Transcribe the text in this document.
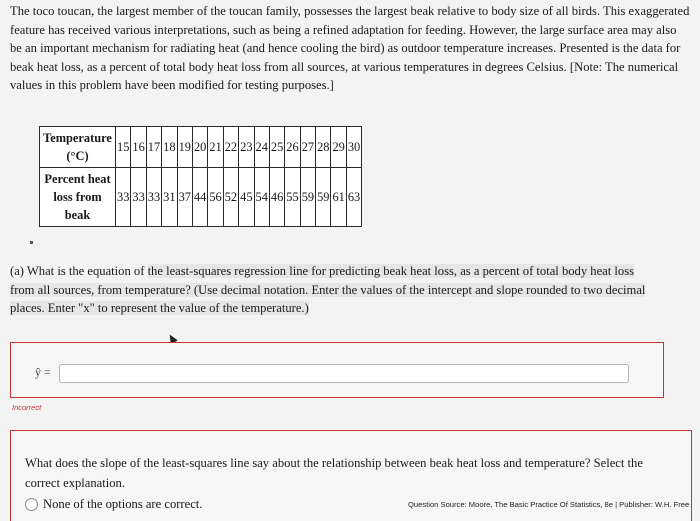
The toco toucan, the largest member of the toucan family, possesses the largest beak relative to body size of all birds. This exaggerated feature has received various interpretations, such as being a refined adaptation for feeding. However, the large surface area may also be an important mechanism for radiating heat (and hence cooling the bird) as outdoor temperature increases. Presented is the data for beak heat loss, as a percent of total body heat loss from all sources, at various temperatures in degrees Celsius. [Note: The numerical values in this problem have been modified for testing purposes.]

Temperature
(°C)	15	16	17	18	19	20	21	22	23	24	25	26	27	28	29	30
Percent heat
loss from
beak	33	33	33	31	37	44	56	52	45	54	46	55	59	59	61	63

(a) What is the equation of the least-squares regression line for predicting beak heat loss, as a percent of total body heat loss from all sources, from temperature? (Use decimal notation. Enter the values of the intercept and slope rounded to two decimal places. Enter "x" to represent the value of the temperature.)

ŷ =
Incorrect

What does the slope of the least-squares line say about the relationship between beak heat loss and temperature? Select the correct explanation.

None of the options are correct.	Question Source: Moore, The Basic Practice Of Statistics, 8e | Publisher: W.H. Free
